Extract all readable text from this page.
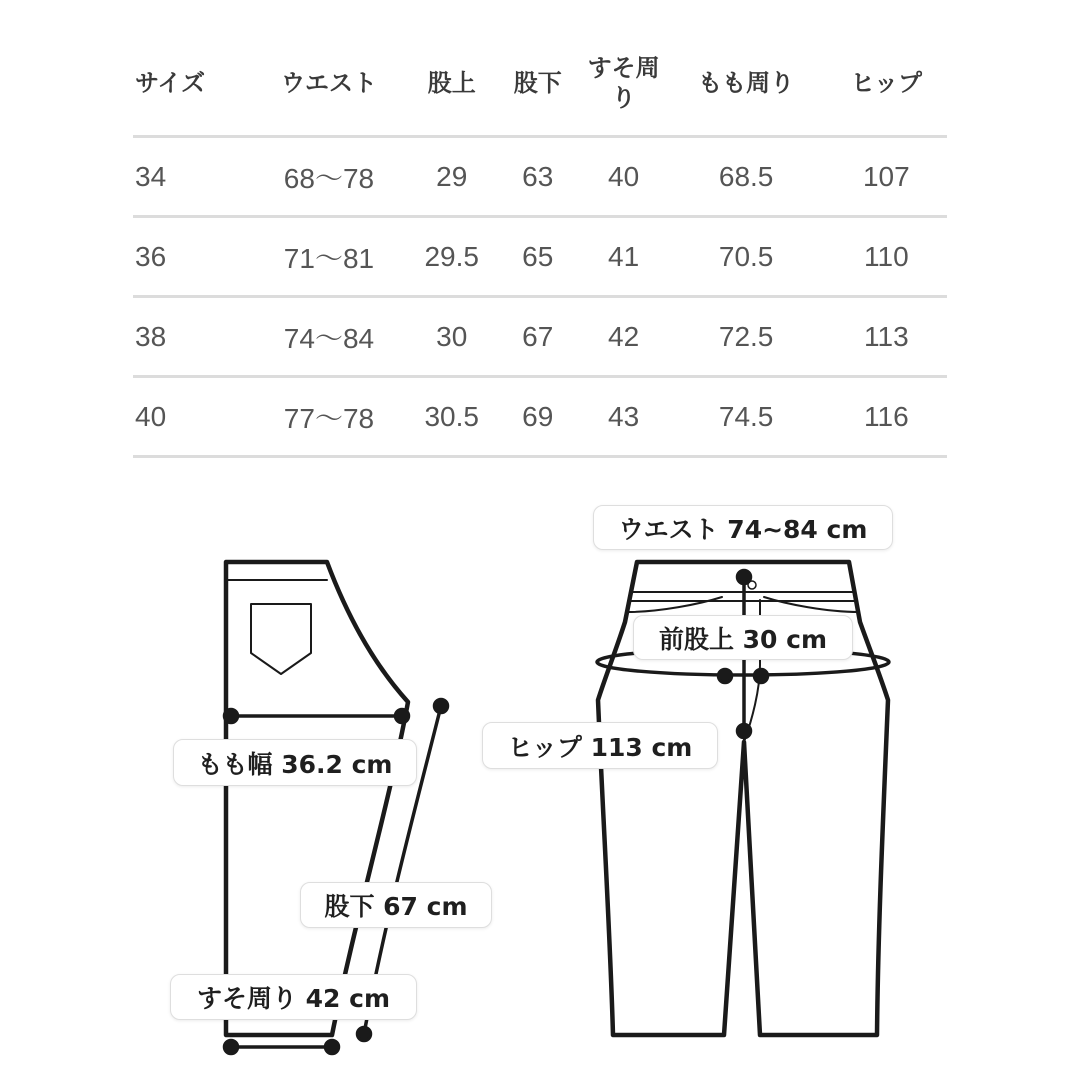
サイズ	ウエスト	股上	股下	すそ周り	もも周り	ヒップ
34	68〜78	29	63	40	68.5	107
36	71〜81	29.5	65	41	70.5	110
38	74〜84	30	67	42	72.5	113
40	77〜78	30.5	69	43	74.5	116
ウエスト 74~84 cm
前股上 30 cm
ヒップ 113 cm
もも幅 36.2 cm
股下 67 cm
すそ周り 42 cm
